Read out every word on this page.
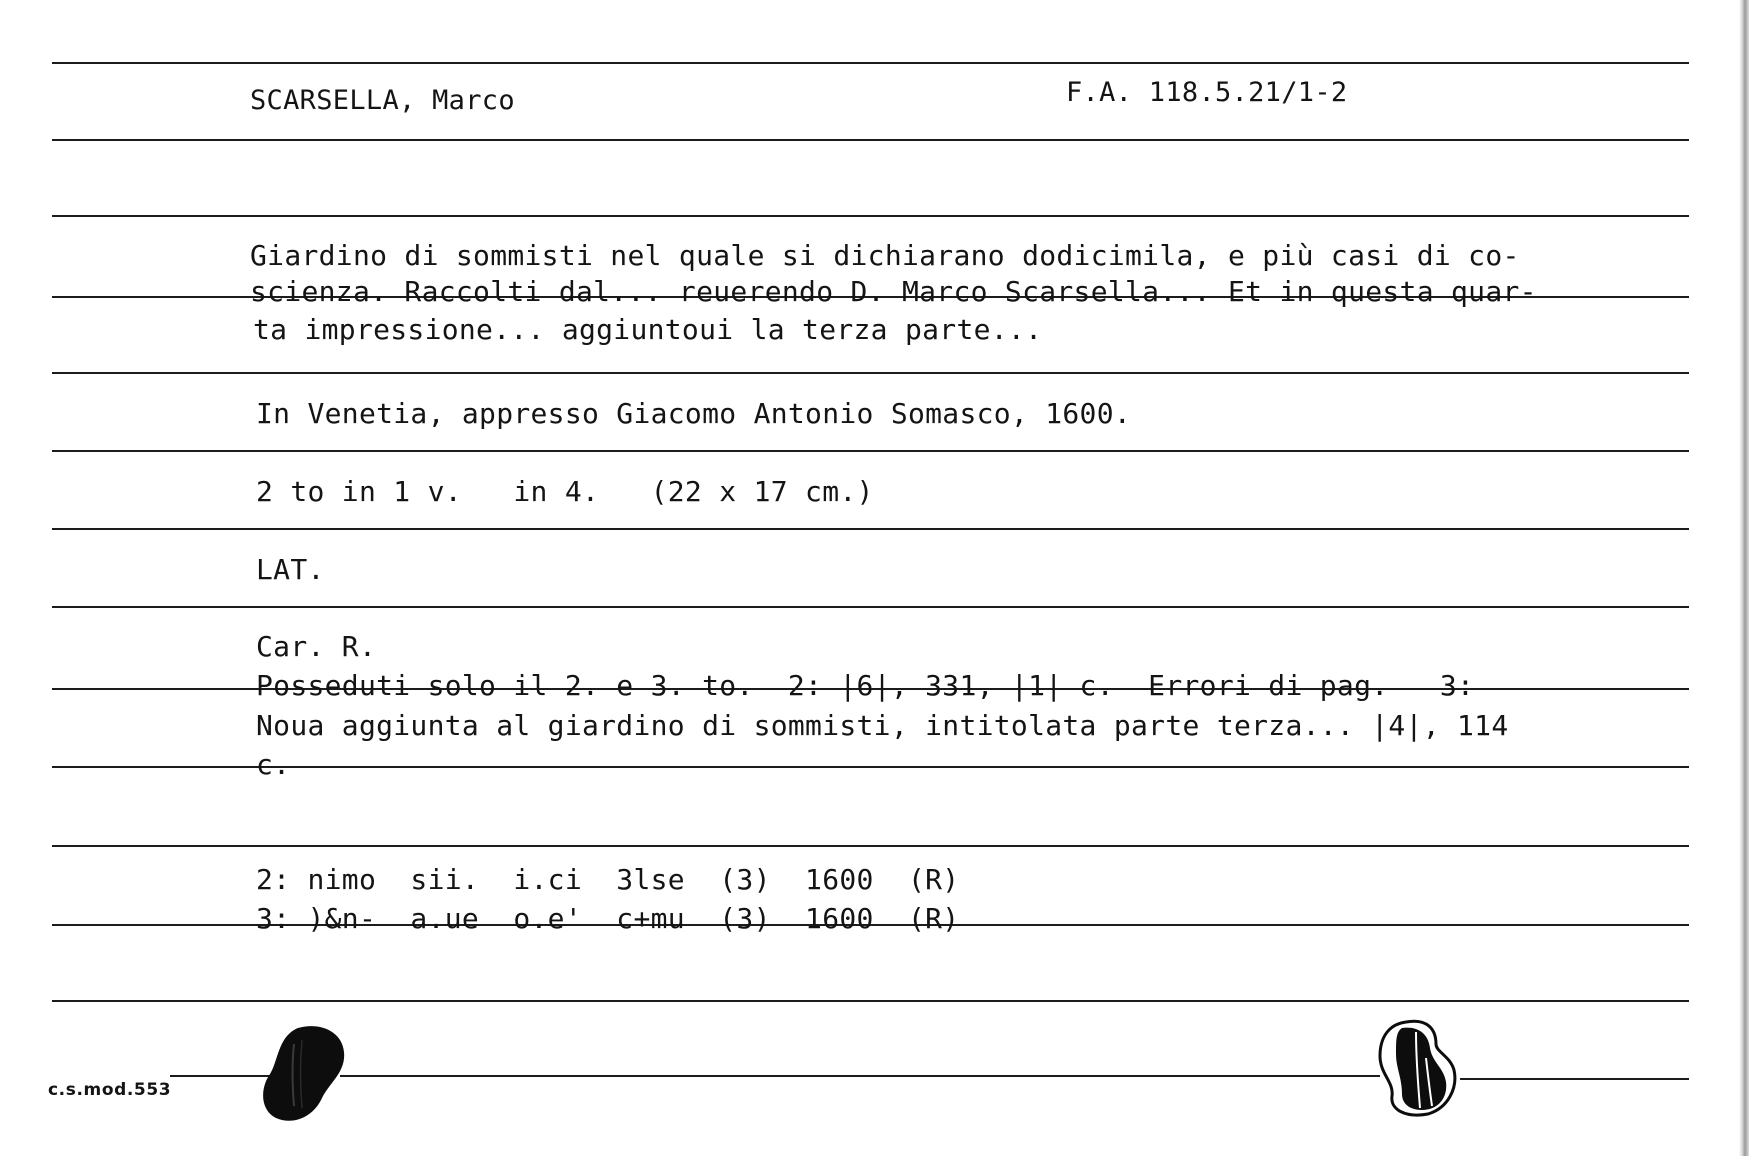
SCARSELLA, Marco	F.A. 118.5.21/1-2
Giardino di sommisti nel quale si dichiarano dodicimila, e più casi di co-
scienza. Raccolti dal... reuerendo D. Marco Scarsella... Et in questa quar-
ta impressione... aggiuntoui la terza parte...
In Venetia, appresso Giacomo Antonio Somasco, 1600.
2 to in 1 v.   in 4.   (22 x 17 cm.)
LAT.
Car. R.
Posseduti solo il 2. e 3. to.  2: |6|, 331, |1| c.  Errori di pag.   3:
Noua aggiunta al giardino di sommisti, intitolata parte terza... |4|, 114
c.
2: nimo  sii.  i.ci  3lse  (3)  1600  (R)
3: )&n-  a.ue  o.e'  c+mu  (3)  1600  (R)
c.s.mod.553
